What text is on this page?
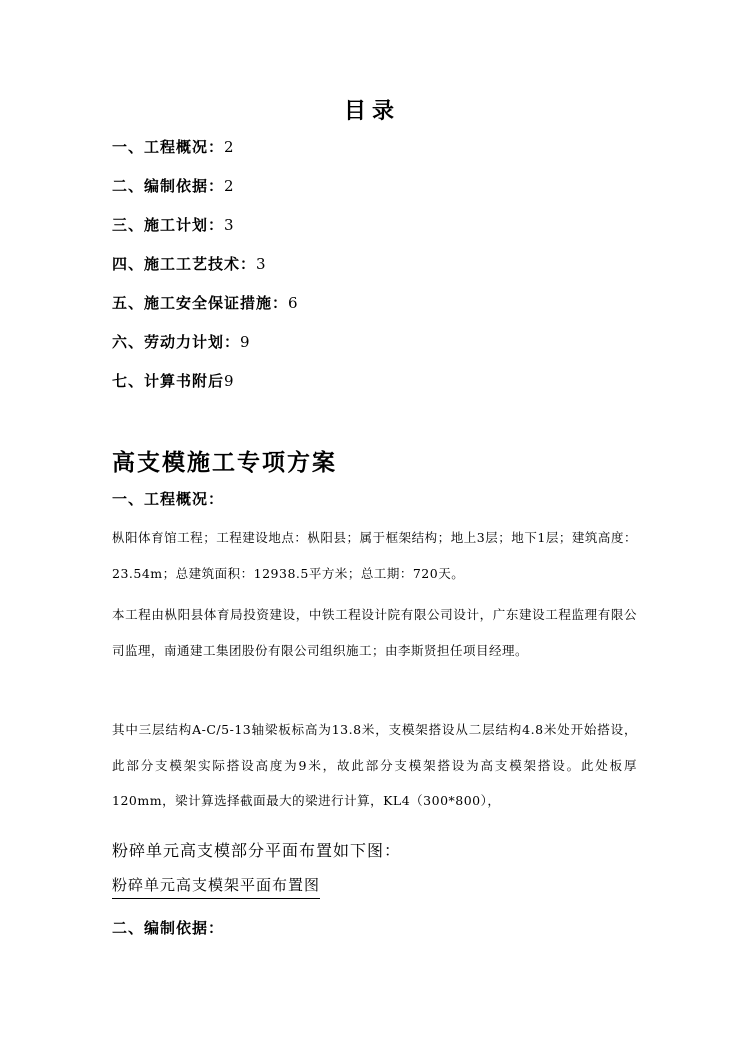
目录
一、工程概况：2
二、编制依据：2
三、施工计划：3
四、施工工艺技术：3
五、施工安全保证措施：6
六、劳动力计划：9
七、计算书附后9
高支模施工专项方案
一、工程概况：

枞阳体育馆工程；工程建设地点：枞阳县；属于框架结构；地上3层；地下1层；建筑高度：23.54m；总建筑面积：12938.5平方米；总工期：720天。

本工程由枞阳县体育局投资建设，中铁工程设计院有限公司设计，广东建设工程监理有限公司监理，南通建工集团股份有限公司组织施工；由李斯贤担任项目经理。

其中三层结构A-C/5-13轴梁板标高为13.8米，支模架搭设从二层结构4.8米处开始搭设，此部分支模架实际搭设高度为9米，故此部分支模架搭设为高支模架搭设。此处板厚120mm，梁计算选择截面最大的梁进行计算，KL4（300*800），

粉碎单元高支模部分平面布置如下图：

粉碎单元高支模架平面布置图

二、编制依据：
